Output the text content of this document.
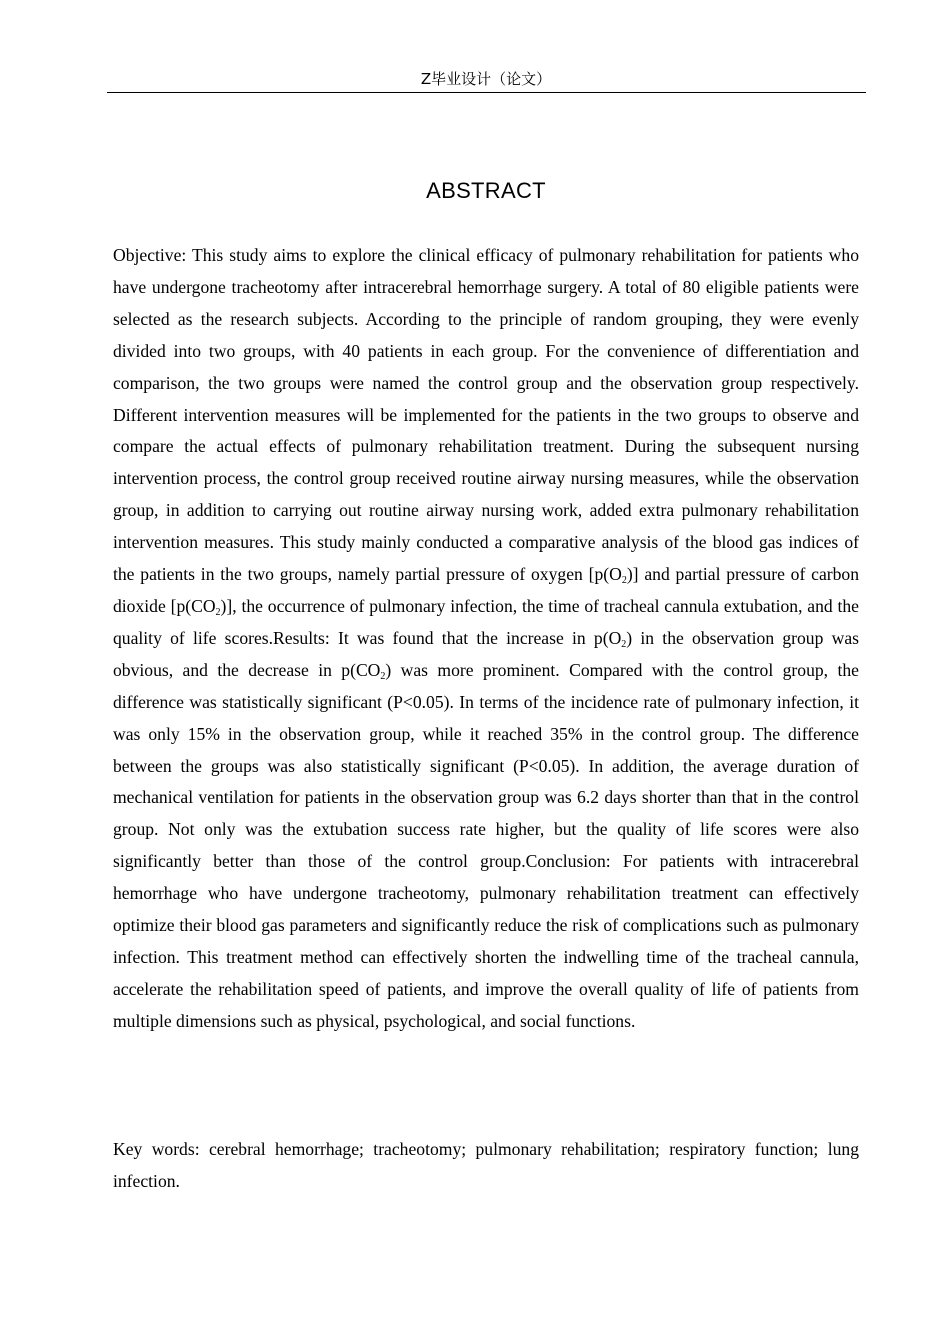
Z毕业设计（论文）
ABSTRACT

Objective: This study aims to explore the clinical efficacy of pulmonary rehabilitation for patients who have undergone tracheotomy after intracerebral hemorrhage surgery. A total of 80 eligible patients were selected as the research subjects. According to the principle of random grouping, they were evenly divided into two groups, with 40 patients in each group. For the convenience of differentiation and comparison, the two groups were named the control group and the observation group respectively. Different intervention measures will be implemented for the patients in the two groups to observe and compare the actual effects of pulmonary rehabilitation treatment. During the subsequent nursing intervention process, the control group received routine airway nursing measures, while the observation group, in addition to carrying out routine airway nursing work, added extra pulmonary rehabilitation intervention measures. This study mainly conducted a comparative analysis of the blood gas indices of the patients in the two groups, namely partial pressure of oxygen $[p(O_2)]$ and partial pressure of carbon dioxide $[p(CO_2)]$, the occurrence of pulmonary infection, the time of tracheal cannula extubation, and the quality of life scores.Results: It was found that the increase in $p(O_2)$ in the observation group was obvious, and the decrease in $p(CO_2)$ was more prominent. Compared with the control group, the difference was statistically significant (P<0.05). In terms of the incidence rate of pulmonary infection, it was only 15% in the observation group, while it reached 35% in the control group. The difference between the groups was also statistically significant (P<0.05). In addition, the average duration of mechanical ventilation for patients in the observation group was 6.2 days shorter than that in the control group. Not only was the extubation success rate higher, but the quality of life scores were also significantly better than those of the control group.Conclusion: For patients with intracerebral hemorrhage who have undergone tracheotomy, pulmonary rehabilitation treatment can effectively optimize their blood gas parameters and significantly reduce the risk of complications such as pulmonary infection. This treatment method can effectively shorten the indwelling time of the tracheal cannula, accelerate the rehabilitation speed of patients, and improve the overall quality of life of patients from multiple dimensions such as physical, psychological, and social functions.

Key words: cerebral hemorrhage; tracheotomy; pulmonary rehabilitation; respiratory function; lung infection.
